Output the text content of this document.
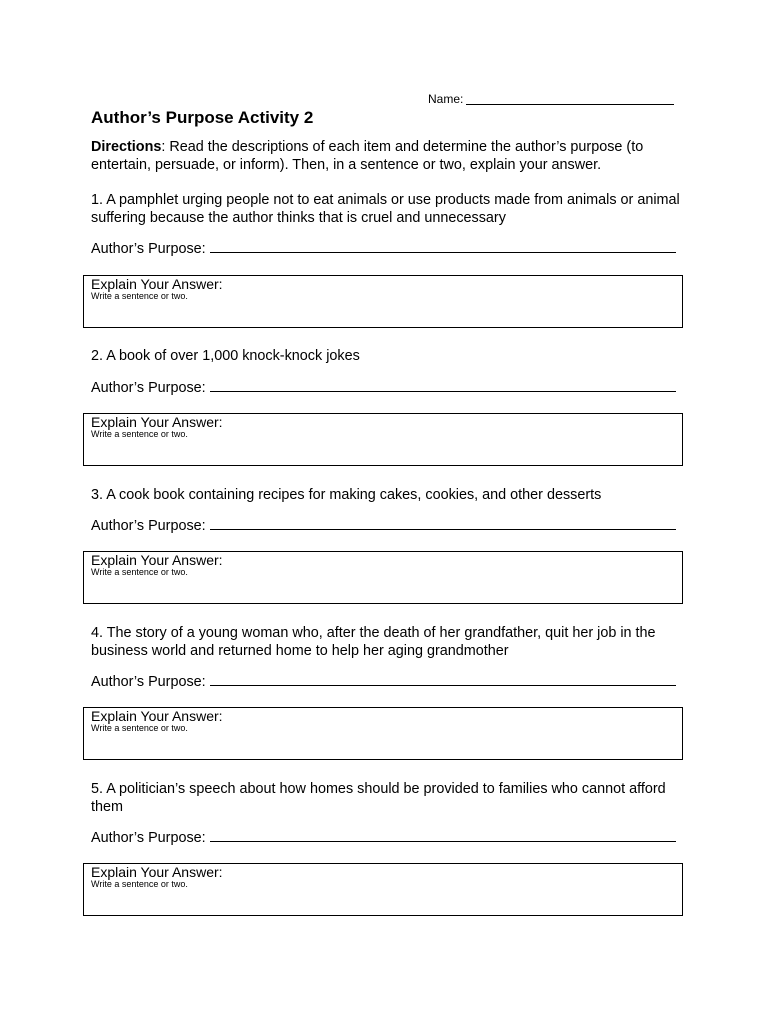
Name:
Author’s Purpose Activity 2

Directions: Read the descriptions of each item and determine the author’s purpose (to entertain, persuade, or inform). Then, in a sentence or two, explain your answer.

1. A pamphlet urging people not to eat animals or use products made from animals or animal suffering because the author thinks that is cruel and unnecessary

Author’s Purpose:
Explain Your Answer:
Write a sentence or two.

2. A book of over 1,000 knock-knock jokes

Author’s Purpose:
Explain Your Answer:
Write a sentence or two.

3. A cook book containing recipes for making cakes, cookies, and other desserts

Author’s Purpose:
Explain Your Answer:
Write a sentence or two.

4. The story of a young woman who, after the death of her grandfather, quit her job in the business world and returned home to help her aging grandmother

Author’s Purpose:
Explain Your Answer:
Write a sentence or two.

5. A politician’s speech about how homes should be provided to families who cannot afford them

Author’s Purpose:
Explain Your Answer:
Write a sentence or two.
